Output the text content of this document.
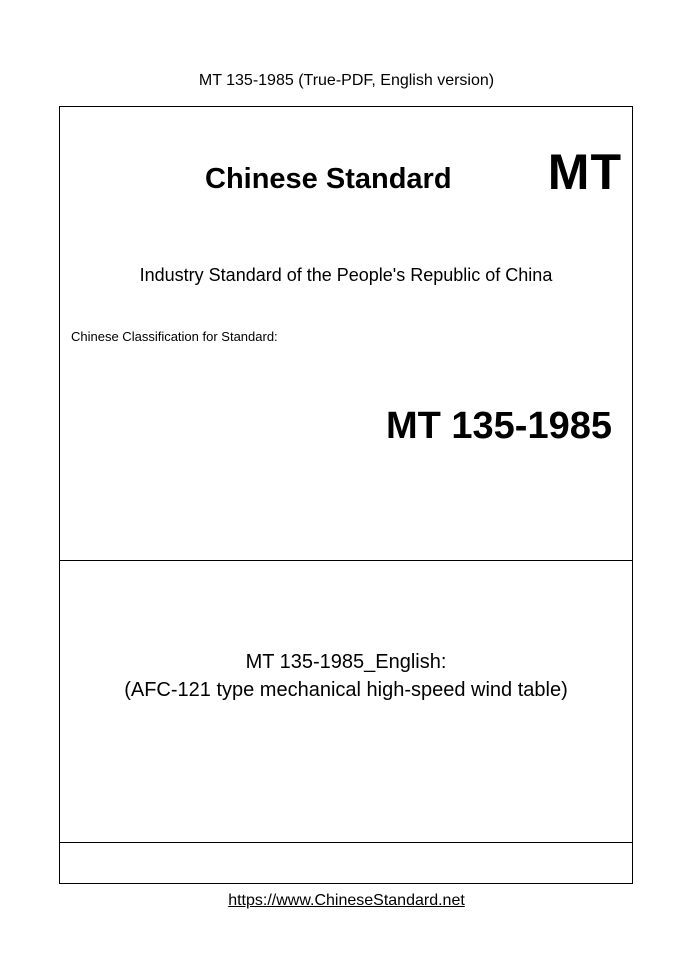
MT 135-1985 (True-PDF, English version)
Chinese Standard MT
Industry Standard of the People's Republic of China
Chinese Classification for Standard:
MT 135-1985
MT 135-1985_English:
(AFC-121 type mechanical high-speed wind table)
https://www.ChineseStandard.net
